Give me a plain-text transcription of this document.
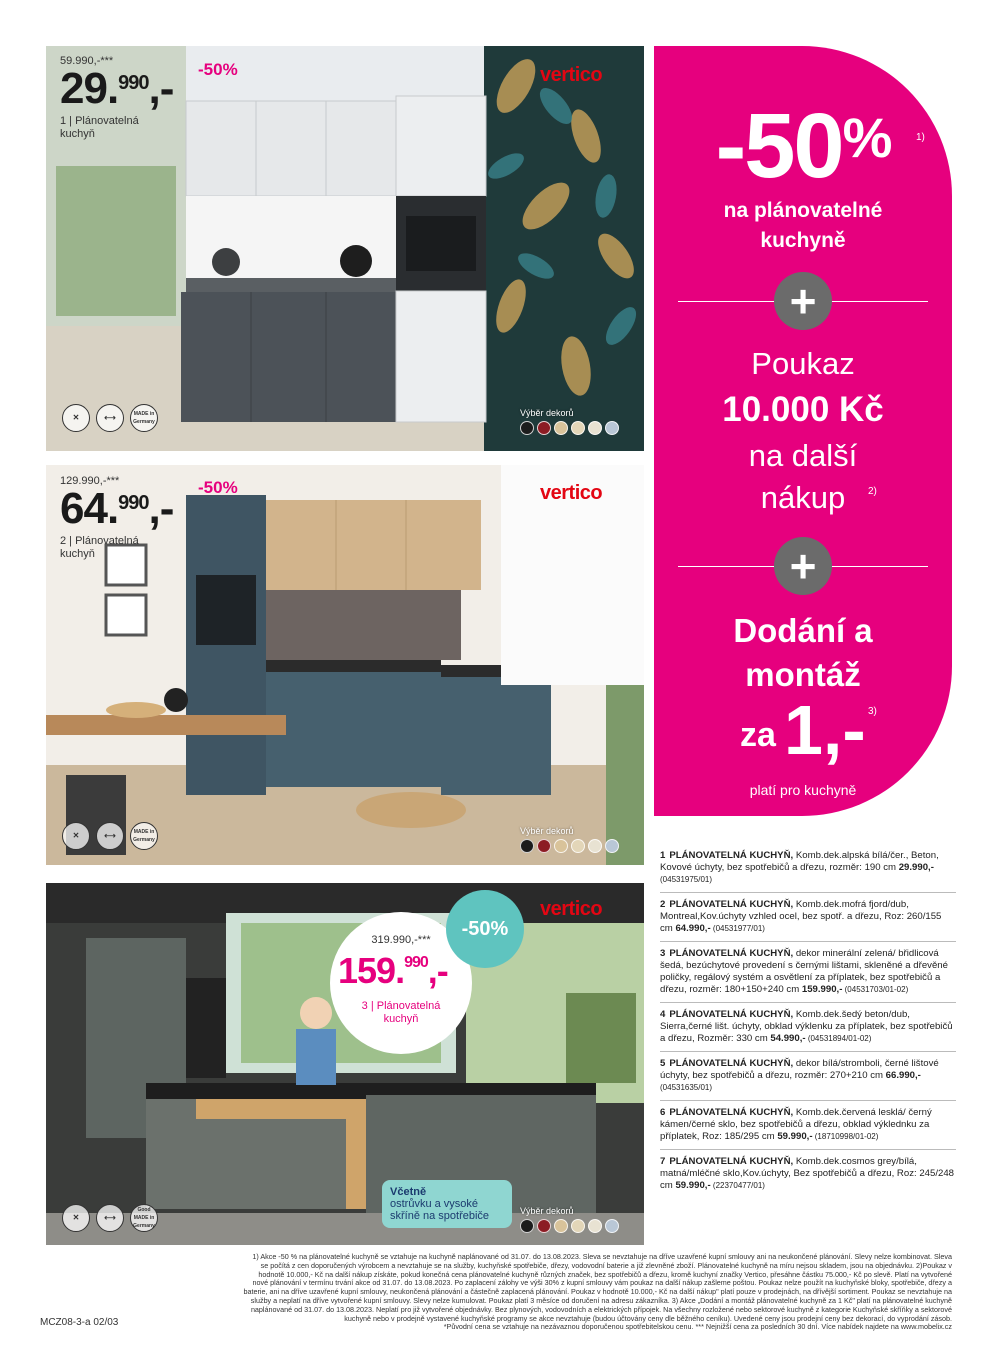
59.990,-***
29.$^{990}$,-
1 | Plánovatelná
kuchyň
-50%	vertico
✕	⟷	MADE in Germany
Výběr dekorů
129.990,-***
64.$^{990}$,-
2 | Plánovatelná
kuchyň
-50%	vertico
✕	⟷	MADE in Germany
Výběr dekorů
319.990,-***
159.$^{990}$,-
3 | Plánovatelná
kuchyň
-50%
vertico
Včetně
ostrůvku a vysoké
skříně na spotřebiče
✕	⟷
Good MADE in Germany
Výběr dekorů
-50%	1)
na plánovatelné
kuchyně
+
Poukaz
10.000 Kč
na další
nákup	2)
+
Dodání a
montáž
za 1,- 3)
platí pro kuchyně
1 PLÁNOVATELNÁ KUCHYŇ, Komb.dek.alpská bílá/čer., Beton, Kovové úchyty, bez spotřebičů a dřezu, rozměr: 190 cm 29.990,- (04531975/01)
2 PLÁNOVATELNÁ KUCHYŇ, Komb.dek.mofrá fjord/dub, Montreal,Kov.úchyty vzhled ocel, bez spotř. a dřezu, Roz: 260/155 cm 64.990,- (04531977/01)
3 PLÁNOVATELNÁ KUCHYŇ, dekor minerální zelená/ břidlicová šedá, bezúchytové provedení s černými lištami, skleněné a dřevěné poličky, regálový systém a osvětlení za příplatek, bez spotřebičů a dřezu, rozměr: 180+150+240 cm 159.990,- (04531703/01-02)
4 PLÁNOVATELNÁ KUCHYŇ, Komb.dek.šedý beton/dub, Sierra,černé lišt. úchyty, obklad výklenku za příplatek, bez spotřebičů a dřezu, Rozměr: 330 cm 54.990,- (04531894/01-02)
5 PLÁNOVATELNÁ KUCHYŇ, dekor bílá/stromboli, černé lištové úchyty, bez spotřebičů a dřezu, rozměr: 270+210 cm 66.990,- (04531635/01)
6 PLÁNOVATELNÁ KUCHYŇ, Komb.dek.červená lesklá/ černý kámen/černé sklo, bez spotřebičů a dřezu, obklad výklednku za příplatek, Roz: 185/295 cm 59.990,- (18710998/01-02)
7 PLÁNOVATELNÁ KUCHYŇ, Komb.dek.cosmos grey/bílá, matná/mléčné sklo,Kov.úchyty, Bez spotřebičů a dřezu, Roz: 245/248 cm 59.990,- (22370477/01)
1) Akce -50 % na plánovatelné kuchyně se vztahuje na kuchyně naplánované od 31.07. do 13.08.2023. Sleva se nevztahuje na dříve uzavřené kupní smlouvy ani na neukončené plánování. Slevy nelze kombinovat. Sleva
se počítá z cen doporučených výrobcem a nevztahuje se na služby, kuchyňské spotřebiče, dřezy, vodovodní baterie a již zlevněné zboží. Plánovatelné kuchyně na míru nejsou skladem, jsou na objednávku. 2)Poukaz v
hodnotě 10.000,- Kč na další nákup získáte, pokud konečná cena plánovatelné kuchyně různých značek, bez spotřebičů a dřezu, kromě kuchyní značky Vertico, přesáhne částku 75.000,- Kč po slevě. Platí na vytvořené
nové plánování v termínu trvání akce od 31.07. do 13.08.2023. Po zaplacení zálohy ve výši 30% z kupní smlouvy vám poukaz na další nákup zašleme poštou. Poukaz nelze použít na kuchyňské bloky, spotřebiče, dřezy a
baterie, ani na dříve uzavřené kupní smlouvy, neukončená plánování a částečně zaplacená plánování. Poukaz v hodnotě 10.000,- Kč na další nákup" platí pouze v prodejnách, na dřívější sortiment. Poukaz se nevztahuje na
služby a neplatí na dříve vytvořené kupní smlouvy. Slevy nelze kumulovat. Poukaz platí 3 měsíce od doručení na adresu zákazníka. 3) Akce „Dodání a montáž plánovatelné kuchyně za 1 Kč" platí na plánovatelné kuchyně
naplánované od 31.07. do 13.08.2023. Neplatí pro již vytvořené objednávky. Bez plynových, vodovodních a elektrických přípojek. Na všechny rozložené nebo sektorové kuchyně z kategorie Kuchyňské skříňky a sektorové
kuchyně nebo v prodejně vystavené kuchyňské programy se akce nevztahuje (budou účtovány ceny dle běžného ceníku). Uvedené ceny jsou prodejní ceny bez dekorací, do vyprodání zásob.
*Původní cena se vztahuje na nezávaznou doporučenou spotřebitelskou cenu. *** Nejnižší cena za posledních 30 dní. Více nabídek najdete na www.mobelix.cz
MCZ08-3-a 02/03
